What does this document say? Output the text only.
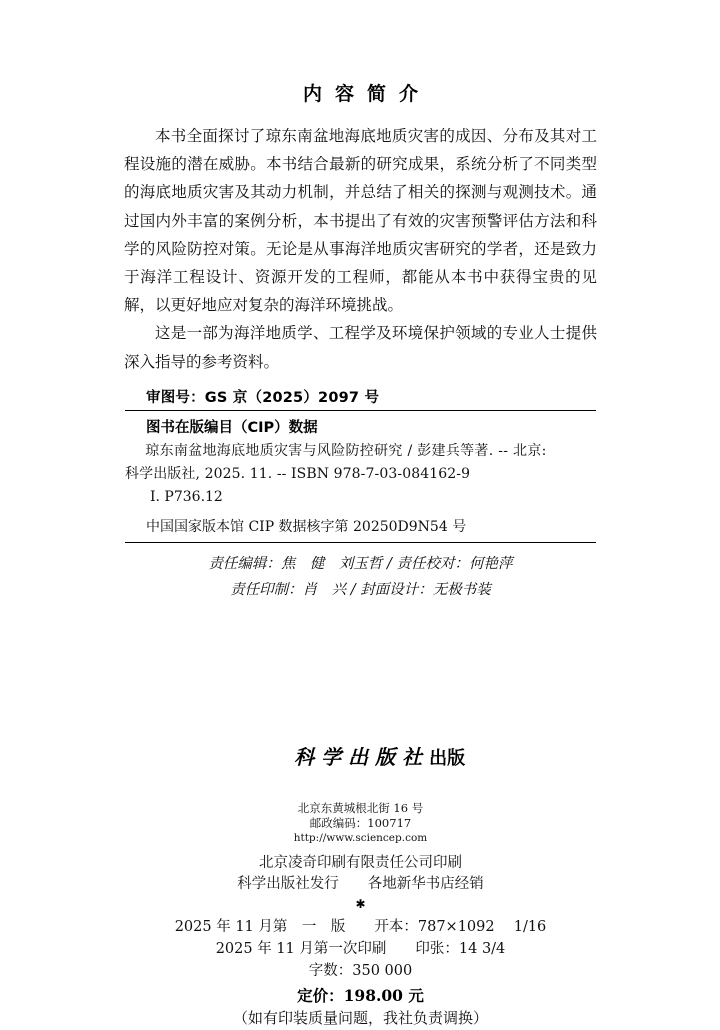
内容简介

本书全面探讨了琼东南盆地海底地质灾害的成因、分布及其对工程设施的潜在威胁。本书结合最新的研究成果，系统分析了不同类型的海底地质灾害及其动力机制，并总结了相关的探测与观测技术。通过国内外丰富的案例分析，本书提出了有效的灾害预警评估方法和科学的风险防控对策。无论是从事海洋地质灾害研究的学者，还是致力于海洋工程设计、资源开发的工程师，都能从本书中获得宝贵的见解，以更好地应对复杂的海洋环境挑战。

这是一部为海洋地质学、工程学及环境保护领域的专业人士提供深入指导的参考资料。

审图号：GS 京（2025）2097 号
图书在版编目（CIP）数据
琼东南盆地海底地质灾害与风险防控研究 / 彭建兵等著. -- 北京:
科学出版社, 2025. 11. -- ISBN 978-7-03-084162-9
Ⅰ. P736.12
中国国家版本馆 CIP 数据核字第 20250D9N54 号
责任编辑：焦　健　刘玉哲 / 责任校对：何艳萍
责任印制：肖　兴 / 封面设计：无极书装

科学出版社出版

北京东黄城根北街 16 号
邮政编码：100717
http://www.sciencep.com
北京凌奇印刷有限责任公司印刷
科学出版社发行　　各地新华书店经销
✱
2025 年 11 月第　一　版　　开本：787×1092　 1/16
2025 年 11 月第一次印刷　　印张：14 3/4
字数：350 000
定价：198.00 元
（如有印装质量问题，我社负责调换）
